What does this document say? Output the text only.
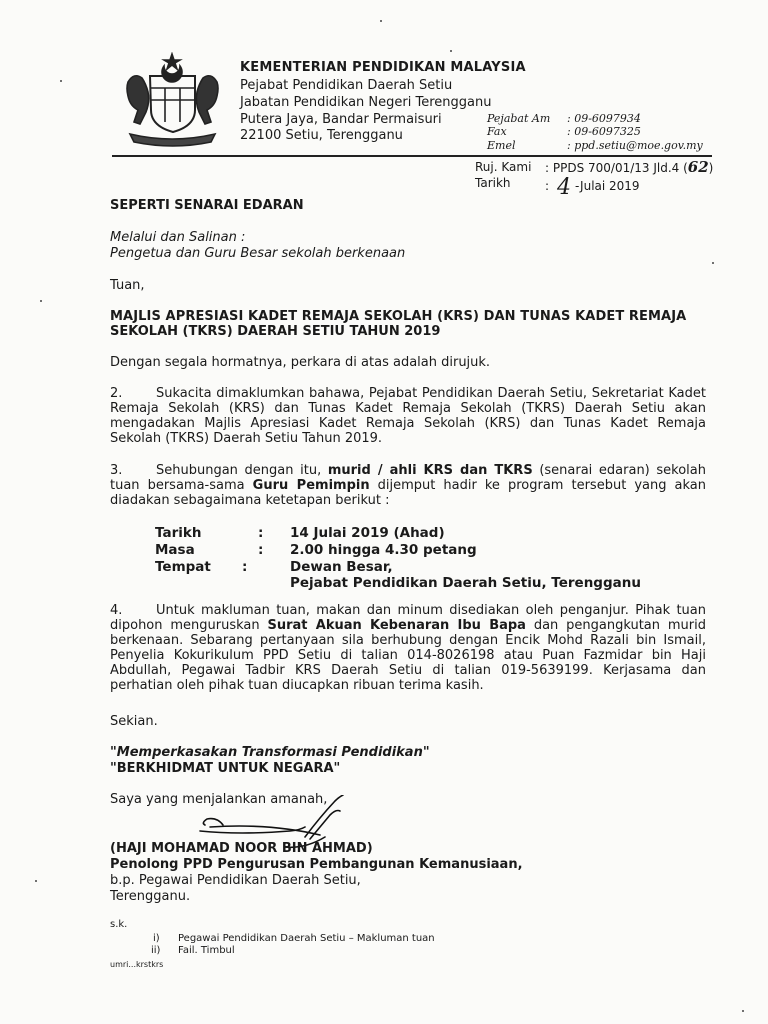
KEMENTERIAN PENDIDIKAN MALAYSIA
Pejabat Pendidikan Daerah Setiu
Jabatan Pendidikan Negeri Terengganu
Putera Jaya, Bandar Permaisuri
22100 Setiu, Terengganu
Pejabat Am : 09-6097934
Fax	: 09-6097325
Emel	: ppd.setiu@moe.gov.my
Ruj. Kami : PPDS 700/01/13 Jld.4 (62)
Tarikh	: 4 -Julai 2019
SEPERTI SENARAI EDARAN
Melalui dan Salinan :
Pengetua dan Guru Besar sekolah berkenaan
Tuan,
MAJLIS APRESIASI KADET REMAJA SEKOLAH (KRS) DAN TUNAS KADET REMAJA
SEKOLAH (TKRS) DAERAH SETIU TAHUN 2019
Dengan segala hormatnya, perkara di atas adalah dirujuk.
2.	Sukacita dimaklumkan bahawa, Pejabat Pendidikan Daerah Setiu, Sekretariat Kadet Remaja Sekolah (KRS) dan Tunas Kadet Remaja Sekolah (TKRS) Daerah Setiu akan mengadakan Majlis Apresiasi Kadet Remaja Sekolah (KRS) dan Tunas Kadet Remaja Sekolah (TKRS) Daerah Setiu Tahun 2019.
3.	Sehubungan dengan itu, murid / ahli KRS dan TKRS (senarai edaran) sekolah tuan bersama-sama Guru Pemimpin dijemput hadir ke program tersebut yang akan diadakan sebagaimana ketetapan berikut :
Tarikh	: 14 Julai 2019 (Ahad)
Masa	: 2.00 hingga 4.30 petang
Tempat :	Dewan Besar,
Pejabat Pendidikan Daerah Setiu, Terengganu
4.	Untuk makluman tuan, makan dan minum disediakan oleh penganjur. Pihak tuan dipohon menguruskan Surat Akuan Kebenaran Ibu Bapa dan pengangkutan murid berkenaan. Sebarang pertanyaan sila berhubung dengan Encik Mohd Razali bin Ismail, Penyelia Kokurikulum PPD Setiu di talian 014-8026198 atau Puan Fazmidar bin Haji Abdullah, Pegawai Tadbir KRS Daerah Setiu di talian 019-5639199. Kerjasama dan perhatian oleh pihak tuan diucapkan ribuan terima kasih.
Sekian.
"Memperkasakan Transformasi Pendidikan"
"BERKHIDMAT UNTUK NEGARA"
Saya yang menjalankan amanah,
(HAJI MOHAMAD NOOR BIN AHMAD)
Penolong PPD Pengurusan Pembangunan Kemanusiaan,
b.p. Pegawai Pendidikan Daerah Setiu,
Terengganu.
s.k.
i) Pegawai Pendidikan Daerah Setiu – Makluman tuan
ii) Fail. Timbul
umri...krstkrs
